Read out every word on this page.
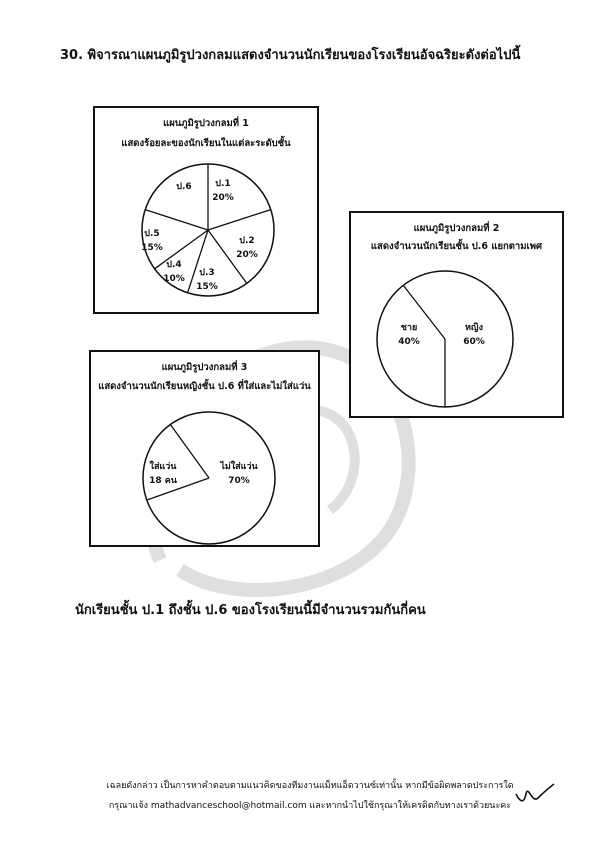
30. พิจารณาแผนภูมิรูปวงกลมแสดงจำนวนนักเรียนของโรงเรียนอัจฉริยะดังต่อไปนี้
แผนภูมิรูปวงกลมที่ 1
แสดงร้อยละของนักเรียนในแต่ละระดับชั้น
ป.1
20%
ป.2
20%
ป.3
15%
ป.4
10%
ป.5
15%
ป.6
แผนภูมิรูปวงกลมที่ 2
แสดงจำนวนนักเรียนชั้น ป.6 แยกตามเพศ
ชาย
40%
หญิง
60%
แผนภูมิรูปวงกลมที่ 3
แสดงจำนวนนักเรียนหญิงชั้น ป.6 ที่ใส่และไม่ใส่แว่น
ใส่แว่น
18 คน
ไม่ใส่แว่น
70%
นักเรียนชั้น ป.1 ถึงชั้น ป.6 ของโรงเรียนนี้มีจำนวนรวมกันกี่คน
เฉลยดังกล่าว เป็นการหาคำตอบตามแนวคิดของทีมงานแม็ทแอ็ดวานซ์เท่านั้น หากมีข้อผิดพลาดประการใด
กรุณาแจ้ง mathadvanceschool@hotmail.com และหากนำไปใช้กรุณาให้เครดิตกับทางเราด้วยนะคะ
